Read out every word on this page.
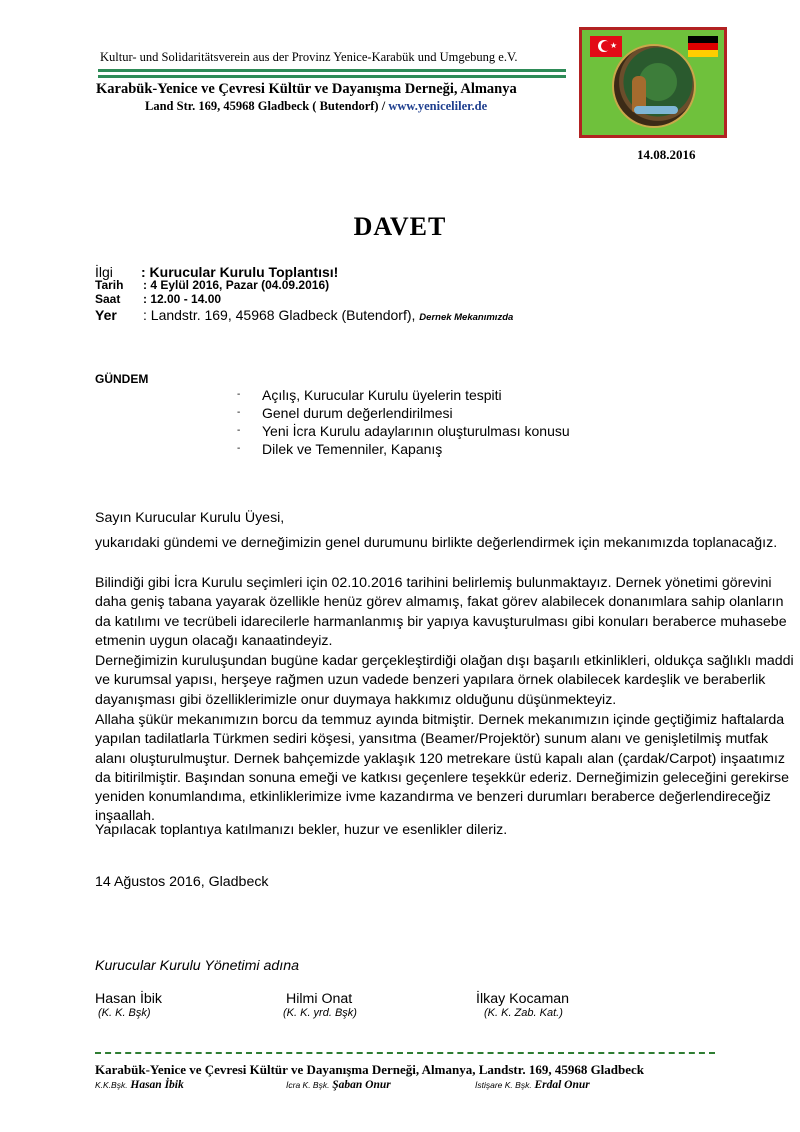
Kultur- und Solidaritätsverein aus der Provinz Yenice-Karabük und Umgebung e.V.
Karabük-Yenice ve Çevresi Kültür ve Dayanışma Derneği, Almanya
Land Str. 169, 45968 Gladbeck ( Butendorf) / www.yeniceliler.de
★
14.08.2016
DAVET
İlgi : Kurucular Kurulu Toplantısı!
Tarih : 4 Eylül 2016, Pazar (04.09.2016)
Saat : 12.00 - 14.00
Yer : Landstr. 169, 45968 Gladbeck (Butendorf), Dernek Mekanımızda
GÜNDEM
- Açılış, Kurucular Kurulu üyelerin tespiti
- Genel durum değerlendirilmesi
- Yeni İcra Kurulu adaylarının oluşturulması konusu
- Dilek ve Temenniler, Kapanış
Sayın Kurucular Kurulu Üyesi,
yukarıdaki gündemi ve derneğimizin genel durumunu birlikte değerlendirmek için mekanımızda toplanacağız.
Bilindiği gibi İcra Kurulu seçimleri için 02.10.2016 tarihini belirlemiş bulunmaktayız. Dernek yönetimi görevini daha geniş tabana yayarak özellikle henüz görev almamış, fakat görev alabilecek donanımlara sahip olanların da katılımı ve tecrübeli idarecilerle harmanlanmış bir yapıya kavuşturulması gibi konuları beraberce muhasebe etmenin uygun olacağı kanaatindeyiz.
Derneğimizin kuruluşundan bugüne kadar gerçekleştirdiği olağan dışı başarılı etkinlikleri, oldukça sağlıklı maddi ve kurumsal yapısı, herşeye rağmen uzun vadede benzeri yapılara örnek olabilecek kardeşlik ve beraberlik dayanışması gibi özelliklerimizle onur duymaya hakkımız olduğunu düşünmekteyiz.
Allaha şükür mekanımızın borcu da temmuz ayında bitmiştir. Dernek mekanımızın içinde geçtiğimiz haftalarda yapılan tadilatlarla Türkmen sediri köşesi, yansıtma (Beamer/Projektör) sunum alanı ve genişletilmiş mutfak alanı oluşturulmuştur. Dernek bahçemizde yaklaşık 120 metrekare üstü kapalı alan (çardak/Carpot) inşaatımız da bitirilmiştir. Başından sonuna emeği ve katkısı geçenlere teşekkür ederiz. Derneğimizin geleceğini gerekirse yeniden konumlandıma, etkinliklerimize ivme kazandırma ve benzeri durumları beraberce değerlendireceğiz inşaallah.
Yapılacak toplantıya katılmanızı bekler, huzur ve esenlikler dileriz.
14 Ağustos 2016, Gladbeck
Kurucular Kurulu Yönetimi adına
Hasan İbik
(K. K. Bşk)
Hilmi Onat
(K. K. yrd. Bşk)
İlkay Kocaman
(K. K. Zab. Kat.)
Karabük-Yenice ve Çevresi Kültür ve Dayanışma Derneği, Almanya, Landstr. 169, 45968 Gladbeck
K.K.Bşk. Hasan İbik	İcra K. Bşk. Şaban Onur	İstişare K. Bşk. Erdal Onur
